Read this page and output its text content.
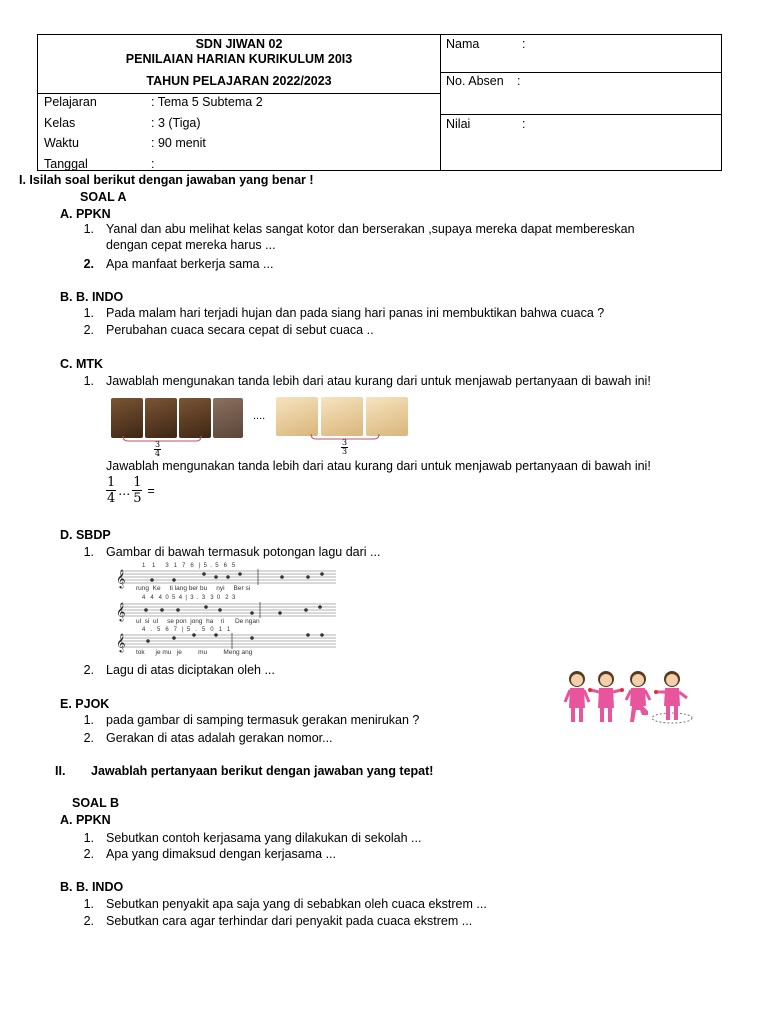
SDN JIWAN 02
PENILAIAN HARIAN KURIKULUM 20I3
TAHUN PELAJARAN 2022/2023
Pelajaran	: Tema 5 Subtema 2
Kelas	: 3 (Tiga)
Waktu	: 90 menit
Tanggal	:
Nama	:
No. Absen :
Nilai	:
I. Isilah soal berikut dengan jawaban yang benar !
SOAL A
A. PPKN
1. Yanal dan abu melihat kelas sangat kotor dan berserakan ,supaya mereka dapat membereskan
dengan cepat mereka harus ...
2. Apa manfaat berkerja sama ...
B. B. INDO
1. Pada malam hari terjadi hujan dan pada siang hari panas ini membuktikan bahwa cuaca ?
2. Perubahan cuaca secara cepat di sebut cuaca ..
C. MTK
1. Jawablah mengunakan tanda lebih dari atau kurang dari untuk menjawab pertanyaan di bawah ini!
$\frac{3}{4}$
....
$\frac{3}{3}$
Jawablah mengunakan tanda lebih dari atau kurang dari untuk menjawab pertanyaan di bawah ini!
$\frac{1}{4}$ ... $\frac{1}{5}$ =
D. SBDP
1. Gambar di bawah termasuk potongan lagu dari ...
𝄞
𝄞
𝄞
1    1      3   1   7   6   |  5  .  5   6   5
rung  Ke     ti lang ber bu     nyi     Ber si
4   4   4  0  5  4  |  3  .  3   3  0   2  3
ul  si  ul     se pon  jong  ha    ri      De ngan
4   .   5   6   7   |  5   .   5   0   1   1
tok      je mu   je         mu         Meng ang
2. Lagu di atas diciptakan oleh ...
E. PJOK
1. pada gambar di samping termasuk gerakan menirukan ?
2. Gerakan di atas adalah gerakan nomor...
II. Jawablah pertanyaan berikut dengan jawaban yang tepat!
SOAL B
A. PPKN
1. Sebutkan contoh kerjasama yang dilakukan di sekolah ...
2. Apa yang dimaksud dengan kerjasama ...
B. B. INDO
1. Sebutkan penyakit apa saja yang di sebabkan oleh cuaca ekstrem ...
2. Sebutkan cara agar terhindar dari penyakit pada cuaca ekstrem ...
